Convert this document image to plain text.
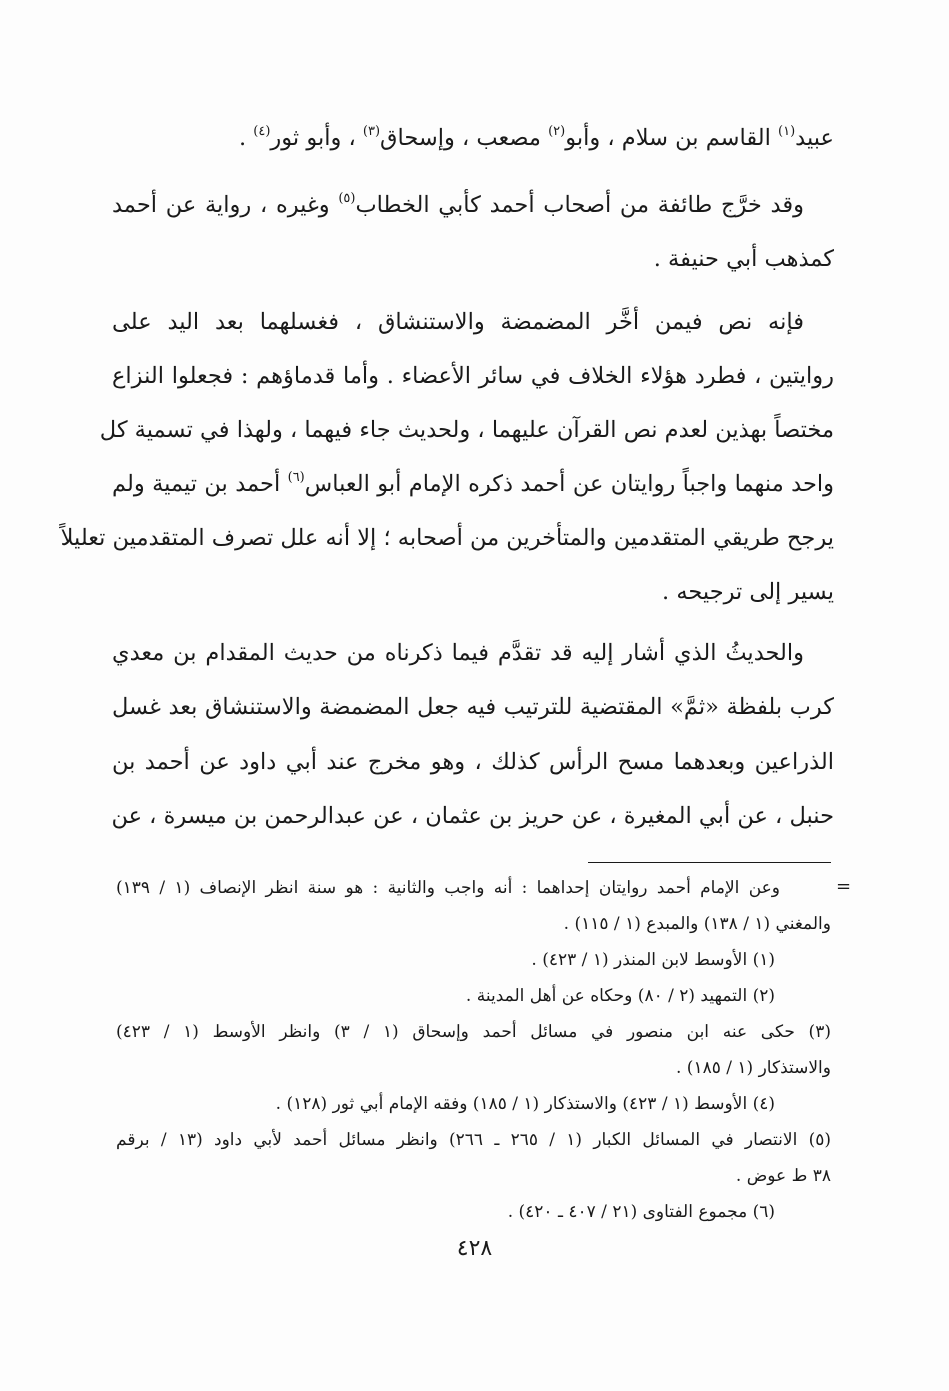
عبيد$^{(١)}$ القاسم بن سلام ، وأبو$^{(٢)}$ مصعب ، وإسحاق$^{(٣)}$ ، وأبو ثور$^{(٤)}$ .
وقد خرَّج طائفة من أصحاب أحمد كأبي الخطاب$^{(٥)}$ وغيره ، رواية عن أحمد
كمذهب أبي حنيفة .
فإنه نص فيمن أخَّر المضمضة والاستنشاق ، فغسلهما بعد اليد على
روايتين ، فطرد هؤلاء الخلاف في سائر الأعضاء . وأما قدماؤهم : فجعلوا النزاع
مختصاً بهذين لعدم نص القرآن عليهما ، ولحديث جاء فيهما ، ولهذا في تسمية كل
واحد منهما واجباً روايتان عن أحمد ذكره الإمام أبو العباس$^{(٦)}$ أحمد بن تيمية ولم
يرجح طريقي المتقدمين والمتأخرين من أصحابه ؛ إلا أنه علل تصرف المتقدمين تعليلاً
يسير إلى ترجيحه .
والحديثُ الذي أشار إليه قد تقدَّم فيما ذكرناه من حديث المقدام بن معدي
كرب بلفظة «ثمَّ» المقتضية للترتيب فيه جعل المضمضة والاستنشاق بعد غسل
الذراعين وبعدهما مسح الرأس كذلك ، وهو مخرج عند أبي داود عن أحمد بن
حنبل ، عن أبي المغيرة ، عن حريز بن عثمان ، عن عبدالرحمن بن ميسرة ، عن
=
وعن الإمام أحمد روايتان إحداهما : أنه واجب والثانية : هو سنة انظر الإنصاف (١ / ١٣٩)
والمغني (١ / ١٣٨) والمبدع (١ / ١١٥) .
(١) الأوسط لابن المنذر (١ / ٤٢٣) .
(٢) التمهيد (٢ / ٨٠) وحكاه عن أهل المدينة .
(٣) حكى عنه ابن منصور في مسائل أحمد وإسحاق (١ / ٣) وانظر الأوسط (١ / ٤٢٣)
والاستذكار (١ / ١٨٥) .
(٤) الأوسط (١ / ٤٢٣) والاستذكار (١ / ١٨٥) وفقه الإمام أبي ثور (١٢٨) .
(٥) الانتصار في المسائل الكبار (١ / ٢٦٥ ـ ٢٦٦) وانظر مسائل أحمد لأبي داود (١٣ / برقم
٣٨ ط عوض .
(٦) مجموع الفتاوى (٢١ / ٤٠٧ ـ ٤٢٠) .
٤٢٨
